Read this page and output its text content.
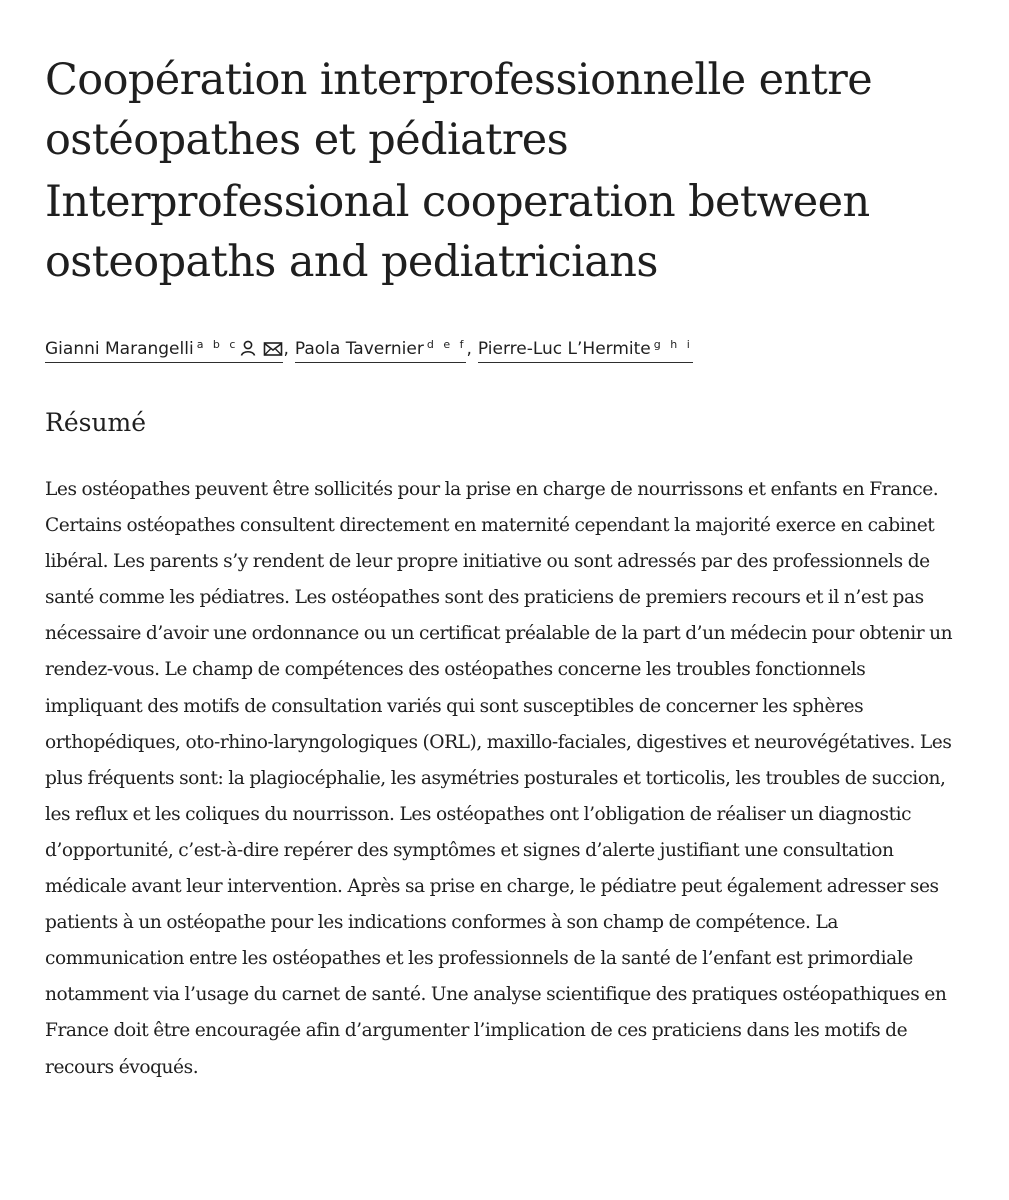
Coopération interprofessionnelle entre ostéopathes et pédiatres
Interprofessional cooperation between osteopaths and pediatricians
Gianni Marangelli $^{a b c}$	, Paola Tavernier $^{d e f}$, Pierre-Luc L’Hermite $^{g h i}$
Résumé

Les ostéopathes peuvent être sollicités pour la prise en charge de nourrissons et enfants en France. Certains ostéopathes consultent directement en maternité cependant la majorité exerce en cabinet libéral. Les parents s’y rendent de leur propre initiative ou sont adressés par des professionnels de santé comme les pédiatres. Les ostéopathes sont des praticiens de premiers recours et il n’est pas nécessaire d’avoir une ordonnance ou un certificat préalable de la part d’un médecin pour obtenir un rendez-vous. Le champ de compétences des ostéopathes concerne les troubles fonctionnels impliquant des motifs de consultation variés qui sont susceptibles de concerner les sphères orthopédiques, oto-rhino-laryngologiques (ORL), maxillo-faciales, digestives et neurovégétatives. Les plus fréquents sont: la plagiocéphalie, les asymétries posturales et torticolis, les troubles de succion, les reflux et les coliques du nourrisson. Les ostéopathes ont l’obligation de réaliser un diagnostic d’opportunité, c’est-à-dire repérer des symptômes et signes d’alerte justifiant une consultation médicale avant leur intervention. Après sa prise en charge, le pédiatre peut également adresser ses patients à un ostéopathe pour les indications conformes à son champ de compétence. La communication entre les ostéopathes et les professionnels de la santé de l’enfant est primordiale notamment via l’usage du carnet de santé. Une analyse scientifique des pratiques ostéopathiques en France doit être encouragée afin d’argumenter l’implication de ces praticiens dans les motifs de recours évoqués.
